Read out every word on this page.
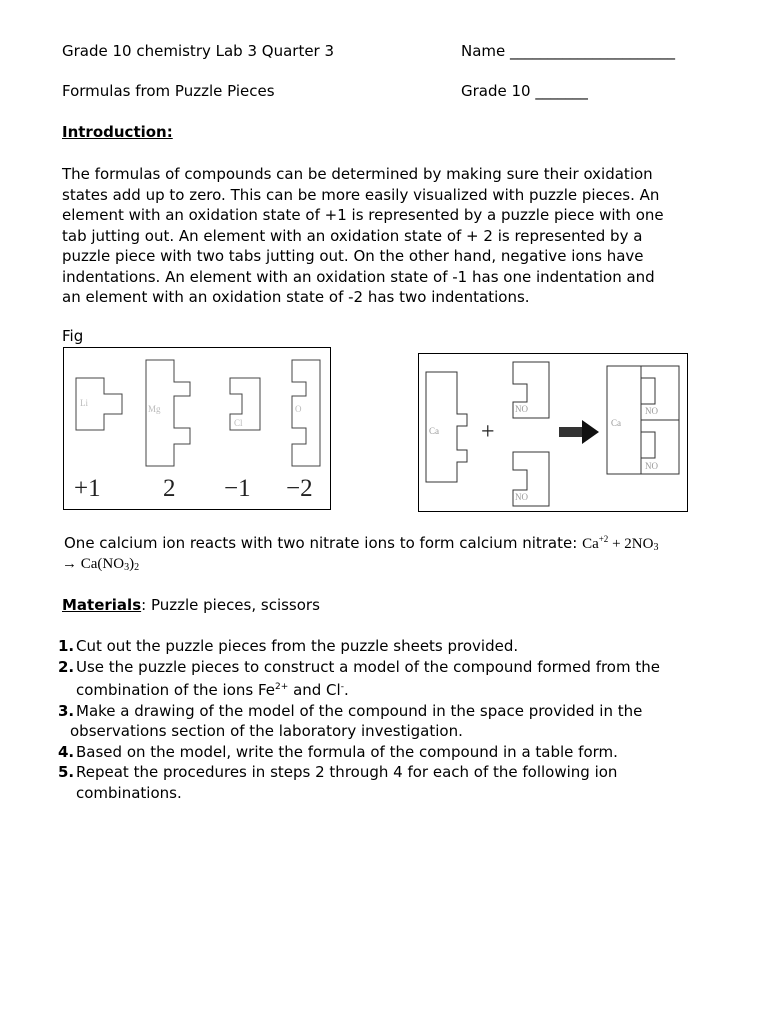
Grade 10 chemistry Lab 3 Quarter 3	Name ______________________
Formulas from Puzzle Pieces	Grade 10 _______
Introduction:
The formulas of compounds can be determined by making sure their oxidation
states add up to zero. This can be more easily visualized with puzzle pieces. An
element with an oxidation state of +1 is represented by a puzzle piece with one
tab jutting out. An element with an oxidation state of + 2 is represented by a
puzzle piece with two tabs jutting out. On the other hand, negative ions have
indentations. An element with an oxidation state of -1 has one indentation and
an element with an oxidation state of -2 has two indentations.
Fig
Li
Mg
Cl
O
+1 2 −1 −2
Ca
NO
NO
Ca
NO
NO
+
One calcium ion reacts with two nitrate ions to form calcium nitrate: $Ca^{+2} + 2NO_3$
→ $Ca(NO_3)_2$
Materials: Puzzle pieces, scissors
1. Cut out the puzzle pieces from the puzzle sheets provided.
2. Use the puzzle pieces to construct a model of the compound formed from the
combination of the ions $Fe^{2+}$ and Cl-.
3. Make a drawing of the model of the compound in the space provided in the
observations section of the laboratory investigation.
4. Based on the model, write the formula of the compound in a table form.
5. Repeat the procedures in steps 2 through 4 for each of the following ion
combinations.
